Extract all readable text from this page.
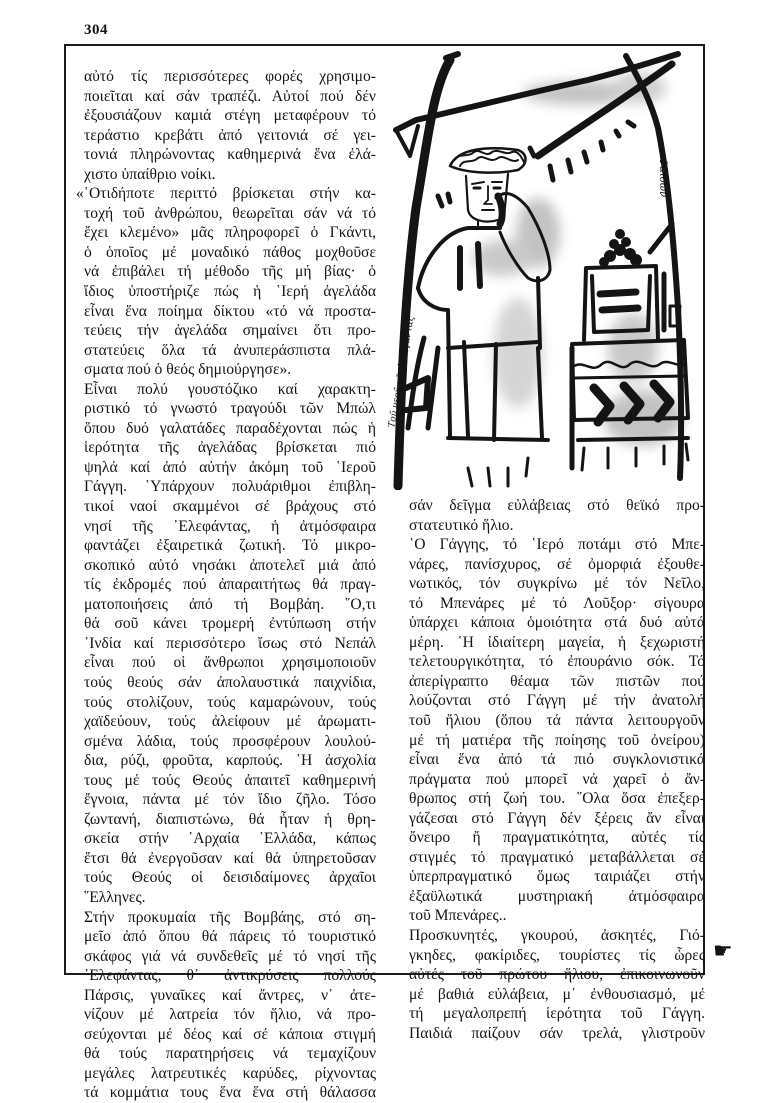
304
Τοῦ νεοῦ τῆς Ἑλεγαντας
Φαίδων
αὐτό τίς περισσότερες φορές χρησιμο-
ποιεῖται καί σάν τραπέζι. Αὐτοί πού δέν
ἐξουσιάζουν καμιά στέγη μεταφέρουν τό
τεράστιο κρεβάτι ἀπό γειτονιά σέ γει-
τονιά πληρώνοντας καθημερινά ἕνα ἐλά-
χιστο ὑπαίθριο νοίκι.
«῾Οτιδήποτε περιττό βρίσκεται στήν κα-
τοχή τοῦ ἀνθρώπου, θεωρεῖται σάν νά τό
ἔχει κλεμένο» μᾶς πληροφορεῖ ὁ Γκάντι,
ὁ ὁποῖος μέ μοναδικό πάθος μοχθοῦσε
νά ἐπιβάλει τή μέθοδο τῆς μή βίας· ὁ
ἴδιος ὑποστήριζε πώς ἡ ῾Ιερή ἀγελάδα
εἶναι ἕνα ποίημα δίκτου «τό νά προστα-
τεύεις τήν ἀγελάδα σημαίνει ὅτι προ-
στατεύεις ὅλα τά ἀνυπεράσπιστα πλά-
σματα πού ὁ θεός δημιούργησε».
Εἶναι πολύ γουστόζικο καί χαρακτη-
ριστικό τό γνωστό τραγούδι τῶν Μπώλ
ὅπου δυό γαλατάδες παραδέχονται πώς ἡ
ἱερότητα τῆς ἀγελάδας βρίσκεται πιό
ψηλά καί ἀπό αὐτήν ἀκόμη τοῦ ῾Ιεροῦ
Γάγγη. ῾Υπάρχουν πολυάριθμοι ἐπιβλη-
τικοί ναοί σκαμμένοι σέ βράχους στό
νησί τῆς ᾿Ελεφάντας, ἡ ἀτμόσφαιρα
φαντάζει ἐξαιρετικά ζωτική. Τό μικρο-
σκοπικό αὐτό νησάκι ἀποτελεῖ μιά ἀπό
τίς ἐκδρομές πού ἀπαραιτήτως θά πραγ-
ματοποιήσεις ἀπό τή Βομβάη. ῞Ο,τι
θά σοῦ κάνει τρομερή ἐντύπωση στήν
᾿Ινδία καί περισσότερο ἴσως στό Νεπάλ
εἶναι πού οἱ ἄνθρωποι χρησιμοποιοῦν
τούς θεούς σάν ἀπολαυστικά παιχνίδια,
τούς στολίζουν, τούς καμαρώνουν, τούς
χαϊδεύουν, τούς ἀλείφουν μέ ἀρωματι-
σμένα λάδια, τούς προσφέρουν λουλού-
δια, ρύζι, φροῦτα, καρπούς. ῾Η ἀσχολία
τους μέ τούς Θεούς ἀπαιτεῖ καθημερινή
ἔγνοια, πάντα μέ τόν ἴδιο ζῆλο. Τόσο
ζωντανή, διαπιστώνω, θά ἦταν ἡ θρη-
σκεία στήν ᾿Αρχαία ῾Ελλάδα, κάπως
ἔτσι θά ἐνεργοῦσαν καί θά ὑπηρετοῦσαν
τούς Θεούς οἱ δεισιδαίμονες ἀρχαῖοι
῞Ελληνες.
Στήν προκυμαία τῆς Βομβάης, στό ση-
μεῖο ἀπό ὅπου θά πάρεις τό τουριστικό
σκάφος γιά νά συνδεθεῖς μέ τό νησί τῆς
᾿Ελεφάντας, θ᾿ ἀντικρύσεις πολλούς
Πάρσις, γυναῖκες καί ἄντρες, ν᾿ ἀτε-
νίζουν μέ λατρεία τόν ἥλιο, νά προ-
σεύχονται μέ δέος καί σέ κάποια στιγμή
θά τούς παρατηρήσεις νά τεμαχίζουν
μεγάλες λατρευτικές καρύδες, ρίχνοντας
τά κομμάτια τους ἕνα ἕνα στή θάλασσα
σάν δεῖγμα εὐλάβειας στό θεϊκό προ-
στατευτικό ἥλιο.
῾Ο Γάγγης, τό ῾Ιερό ποτάμι στό Μπε-
νάρες, πανίσχυρος, σέ ὀμορφιά ἐξουθε-
νωτικός, τόν συγκρίνω μέ τόν Νεῖλο,
τό Μπενάρες μέ τό Λοῦξορ· σίγουρα
ὑπάρχει κάποια ὁμοιότητα στά δυό αὐτά
μέρη. ῾Η ἰδιαίτερη μαγεία, ἡ ξεχωριστή
τελετουργικότητα, τό ἐπουράνιο σόκ. Τό
ἀπερίγραπτο θέαμα τῶν πιστῶν πού
λούζονται στό Γάγγη μέ τήν ἀνατολή
τοῦ ἥλιου (ὅπου τά πάντα λειτουργοῦν
μέ τή ματιέρα τῆς ποίησης τοῦ ὀνείρου)
εἶναι ἕνα ἀπό τά πιό συγκλονιστικά
πράγματα πού μπορεῖ νά χαρεῖ ὁ ἄν-
θρωπος στή ζωή του. ῞Ολα ὅσα ἐπεξερ-
γάζεσαι στό Γάγγη δέν ξέρεις ἄν εἶναι
ὄνειρο ἤ πραγματικότητα, αὐτές τίς
στιγμές τό πραγματικό μεταβάλλεται σέ
ὑπερπραγματικό ὅμως ταιριάζει στήν
ἐξαϋλωτικά μυστηριακή ἀτμόσφαιρα
τοῦ Μπενάρες..
Προσκυνητές, γκουρού, ἀσκητές, Γιό-
γκηδες, φακίριδες, τουρίστες τίς ὧρες
αὐτές τοῦ πρώτου ἥλιου, ἐπικοινωνοῦν
μέ βαθιά εὐλάβεια, μ᾿ ἐνθουσιασμό, μέ
τή μεγαλοπρεπή ἱερότητα τοῦ Γάγγη.
Παιδιά παίζουν σάν τρελά, γλιστροῦν
☛
